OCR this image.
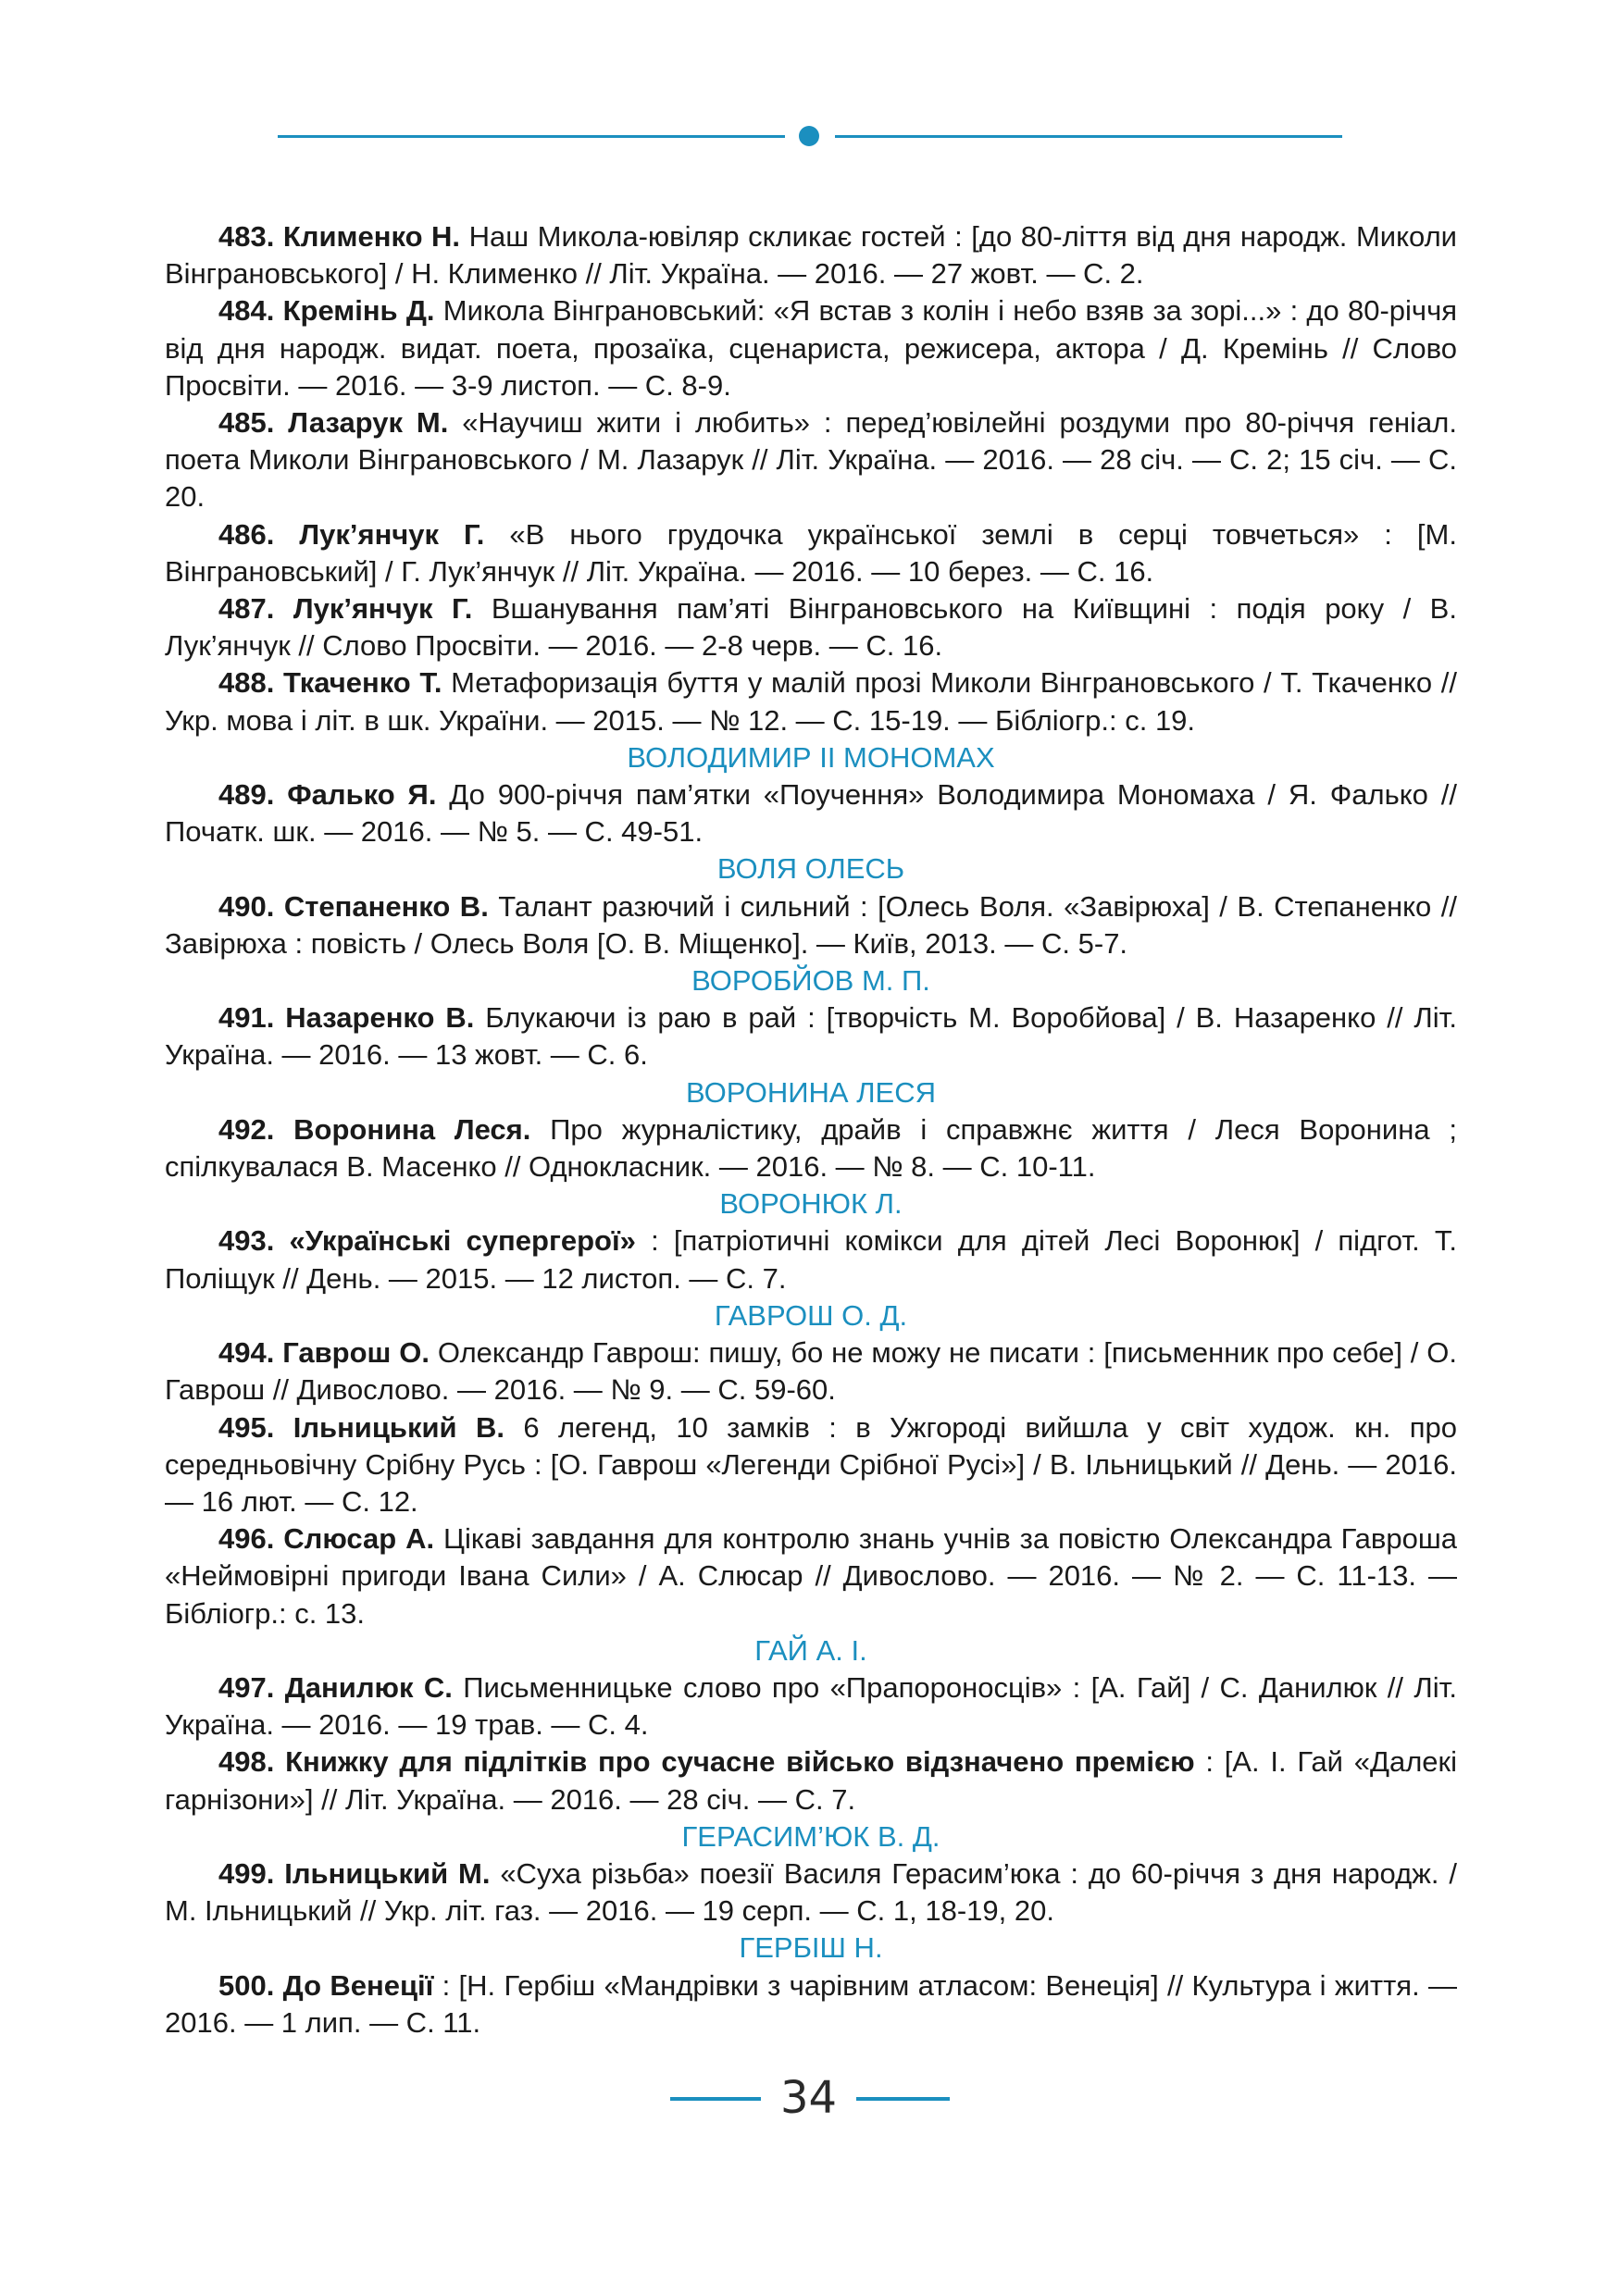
483. Клименко Н. Наш Микола-ювіляр скликає гостей : [до 80-ліття від дня народж. Миколи Вінграновського] / Н. Клименко // Літ. Україна. — 2016. — 27 жовт. — С. 2.

484. Кремінь Д. Микола Вінграновський: «Я встав з колін і небо взяв за зорі...» : до 80-річчя від дня народж. видат. поета, прозаїка, сценариста, режисера, актора / Д. Кремінь // Слово Просвіти. — 2016. — 3-9 листоп. — С. 8-9.

485. Лазарук М. «Научиш жити і любить» : перед’ювілейні роздуми про 80-річчя геніал. поета Миколи Вінграновського / М. Лазарук // Літ. Україна. — 2016. — 28 січ. — С. 2; 15 січ. — С. 20.

486. Лук’янчук Г. «В нього грудочка української землі в серці товчеться» : [М. Вінграновський] / Г. Лук’янчук // Літ. Україна. — 2016. — 10 берез. — С. 16.

487. Лук’янчук Г. Вшанування пам’яті Вінграновського на Київщині : подія року / В. Лук’янчук // Слово Просвіти. — 2016. — 2-8 черв. — С. 16.

488. Ткаченко Т. Метафоризація буття у малій прозі Миколи Вінграновського / Т. Ткаченко // Укр. мова і літ. в шк. України. — 2015. — № 12. — С. 15-19. — Бібліогр.: с. 19.

ВОЛОДИМИР ІІ МОНОМАХ

489. Фалько Я. До 900-річчя пам’ятки «Поучення» Володимира Мономаха / Я. Фалько // Початк. шк. — 2016. — № 5. — С. 49-51.

ВОЛЯ ОЛЕСЬ

490. Степаненко В. Талант разючий і сильний : [Олесь Воля. «Завірюха] / В. Степаненко // Завірюха : повість / Олесь Воля [О. В. Міщенко]. — Київ, 2013. — С. 5-7.

ВОРОБЙОВ М. П.

491. Назаренко В. Блукаючи із раю в рай : [творчість М. Воробйова] / В. Назаренко // Літ. Україна. — 2016. — 13 жовт. — С. 6.

ВОРОНИНА ЛЕСЯ

492. Воронина Леся. Про журналістику, драйв і справжнє життя / Леся Воронина ; спілкувалася В. Масенко // Однокласник. — 2016. — № 8. — С. 10-11.

ВОРОНЮК Л.

493. «Українські супергерої» : [патріотичні комікси для дітей Лесі Воронюк] / підгот. Т. Поліщук // День. — 2015. — 12 листоп. — С. 7.

ГАВРОШ О. Д.

494. Гаврош О. Олександр Гаврош: пишу, бо не можу не писати : [письменник про себе] / О. Гаврош // Дивослово. — 2016. — № 9. — С. 59-60.

495. Ільницький В. 6 легенд, 10 замків : в Ужгороді вийшла у світ худож. кн. про середньовічну Срібну Русь : [О. Гаврош «Легенди Срібної Русі»] / В. Ільницький // День. — 2016. — 16 лют. — С. 12.

496. Слюсар А. Цікаві завдання для контролю знань учнів за повістю Олександра Гавроша «Неймовірні пригоди Івана Сили» / А. Слюсар // Дивослово. — 2016. — № 2. — С. 11-13. — Бібліогр.: с. 13.

ГАЙ А. І.

497. Данилюк С. Письменницьке слово про «Прапороносців» : [А. Гай] / С. Данилюк // Літ. Україна. — 2016. — 19 трав. — С. 4.

498. Книжку для підлітків про сучасне військо відзначено премією : [А. І. Гай «Далекі гарнізони»] // Літ. Україна. — 2016. — 28 січ. — С. 7.

ГЕРАСИМ’ЮК В. Д.

499. Ільницький М. «Суха різьба» поезії Василя Герасим’юка : до 60-річчя з дня народж. / М. Ільницький // Укр. літ. газ. — 2016. — 19 серп. — С. 1, 18-19, 20.

ГЕРБІШ Н.

500. До Венеції : [Н. Гербіш «Мандрівки з чарівним атласом: Венеція] // Культура і життя. — 2016. — 1 лип. — С. 11.

34
